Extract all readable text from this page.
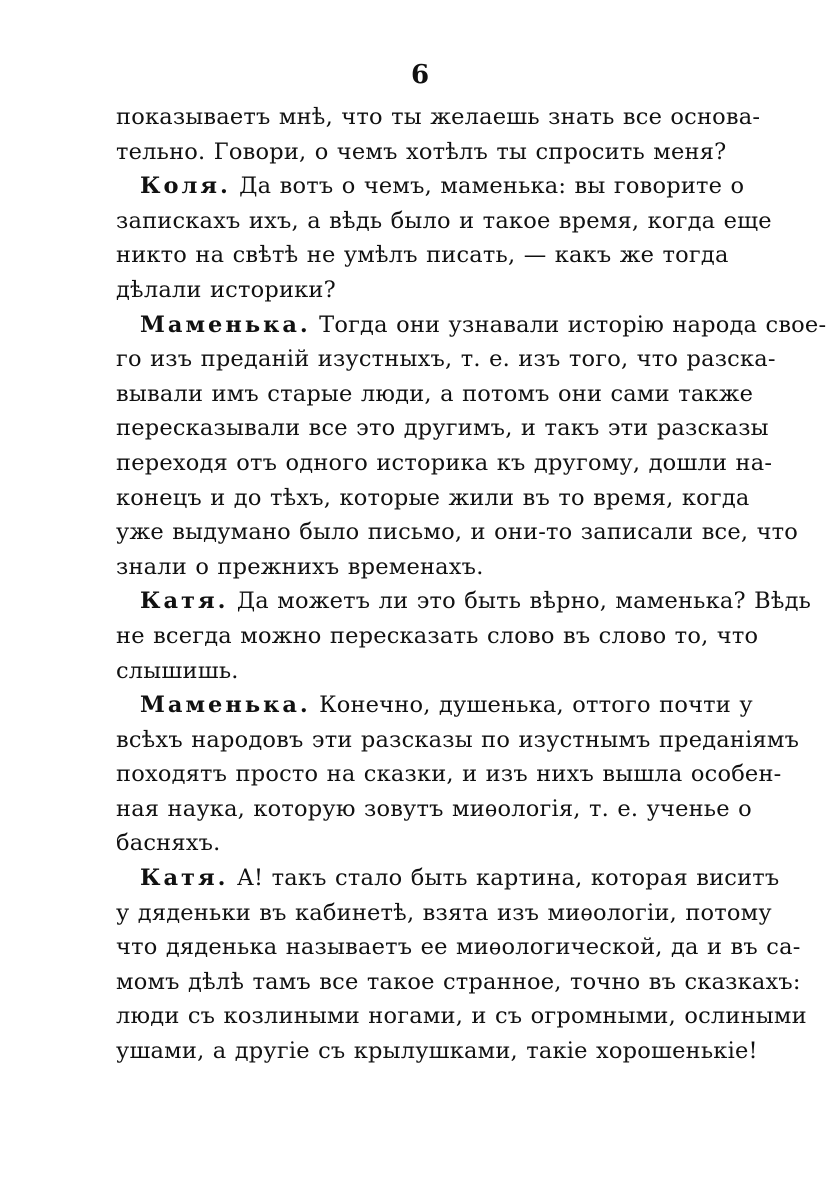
6
показываетъ мнѣ, что ты желаешь знать все основа-
тельно. Говори, о чемъ хотѣлъ ты спросить меня?
Коля. Да вотъ о чемъ, маменька: вы говорите о
запискахъ ихъ, а вѣдь было и такое время, когда еще
никто на свѣтѣ не умѣлъ писать, — какъ же тогда
дѣлали историки?
Маменька. Тогда они узнавали исторію народа свое-
го изъ преданій изустныхъ, т. е. изъ того, что разска-
вывали имъ старые люди, а потомъ они сами также
пересказывали все это другимъ, и такъ эти разсказы
переходя отъ одного историка къ другому, дошли на-
конецъ и до тѣхъ, которые жили въ то время, когда
уже выдумано было письмо, и они-то записали все, что
знали о прежнихъ временахъ.
Катя. Да можетъ ли это быть вѣрно, маменька? Вѣдь
не всегда можно пересказать слово въ слово то, что
слышишь.
Маменька. Конечно, душенька, оттого почти у
всѣхъ народовъ эти разсказы по изустнымъ преданіямъ
походятъ просто на сказки, и изъ нихъ вышла особен-
ная наука, которую зовутъ миѳологія, т. е. ученье о
басняхъ.
Катя. А! такъ стало быть картина, которая виситъ
у дяденьки въ кабинетѣ, взята изъ миѳологіи, потому
что дяденька называетъ ее миѳологической, да и въ са-
момъ дѣлѣ тамъ все такое странное, точно въ сказкахъ:
люди съ козлиными ногами, и съ огромными, ослиными
ушами, а другіе съ крылушками, такіе хорошенькіе!
